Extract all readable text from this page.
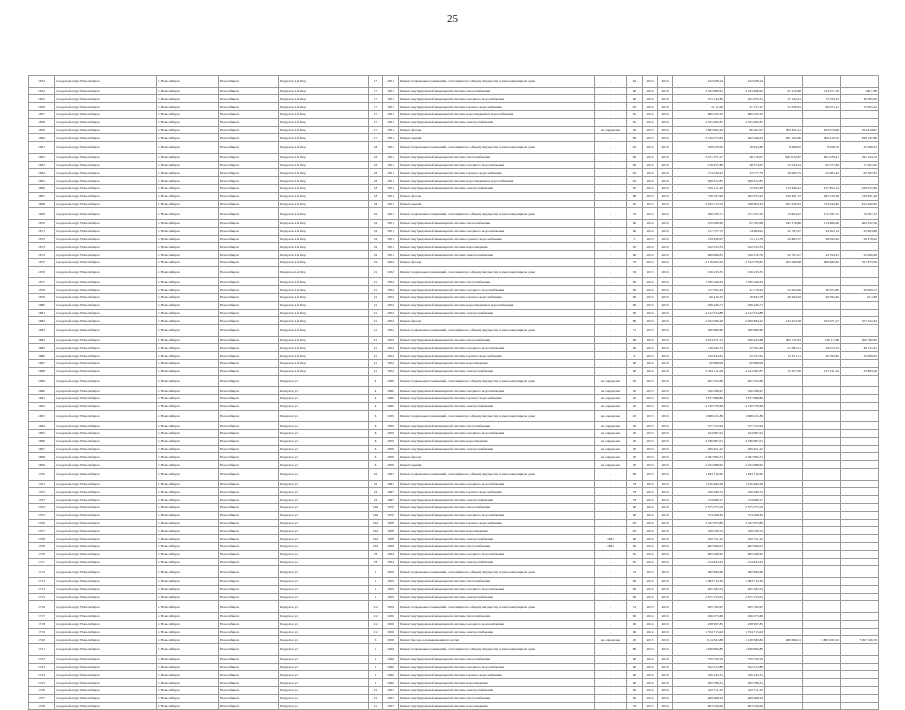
25
1653	городской округ Новосибирск	г. Новосибирск	Новосибирск	Переулок 2-й Пер	17	1951	Ремонт подвальных помещений, относящихся к общему имуществу в многоквартирном доме	-	62	2015	2016	232 958,24	232 958,24			
1654	городской округ Новосибирск	г. Новосибирск	Новосибирск	Переулок 2-й Пер	17	1951	Ремонт внутридомовой инженерной системы теплоснабжения	-	60	2014	2016	2 322 980,61	2 163 498,95	67 210,68	123 971,16	106 1,88
1655	городской округ Новосибирск	г. Новосибирск	Новосибирск	Переулок 2-й Пер	17	1951	Ремонт внутридомовой инженерной системы холодного водоснабжения	-	60	2014	2016	373 142,86	241 870,31	27 162,41	72 559,23	36 285,29
1656	городской округ Новосибирск	г. Новосибирск	Новосибирск	Переулок 2-й Пер	17	1951	Ремонт внутридомовой инженерной системы горячего водоснабжения	-	65	2014	2016	21 11,06	47 157,47	21 058,61	60 971,41	72 005,22
1657	городской округ Новосибирск	г. Новосибирск	Новосибирск	Переулок 2-й Пер	17	1951	Ремонт внутридомовой инженерной системы водоотведения и водоснабжения	-	65	2014	2016	860 256,32	860 256,32			
1658	городской округ Новосибирск	г. Новосибирск	Новосибирск	Переулок 2-й Пер	17	1951	Ремонт внутридомовой инженерной системы электроснабжения	-	65	2014	2016	2 165 665,87	2 165 665,87			
1659	городской округ Новосибирск	г. Новосибирск	Новосибирск	Переулок 2-й Пер	17	1951	Ремонт фасада	не определен	20	2015	2016	1 803 995,26	80 261,07	303 811,41	654 074,06	764 8,6061
1660	городской округ Новосибирск	г. Новосибирск	Новосибирск	Переулок 2-й Пер	17	1951	Ремонт крыши	-	80	2015	2016	2 316 073,83	492 346,03	361 192,86	369 410,55	836 197,86
1661	городской округ Новосибирск	г. Новосибирск	Новосибирск	Переулок 2-й Пер	18	1951	Ремонт подвальных помещений, относящихся к общему имуществу в многоквартирном доме	-	65	2014	2016	258 919,09	18 945,80	9 608,92	8 058,74	22 306,32
1662	городской округ Новосибирск	г. Новосибирск	Новосибирск	Переулок 2-й Пер	18	1951	Ремонт внутридомовой инженерной системы теплоснабжения	-	60	2014	2016	2 471 371,27	48 178,07	390 9,32,87	661 978,41	765 164,72
1663	городской округ Новосибирск	г. Новосибирск	Новосибирск	Переулок 2-й Пер	18	1951	Ремонт внутридомовой инженерной системы холодного водоснабжения	-	60	2014	2016	218 457,88	48 574,67	23 234,54	65 377,48	71 261,02
1664	городской округ Новосибирск	г. Новосибирск	Новосибирск	Переулок 2-й Пер	18	1951	Ремонт внутридомовой инженерной системы горячего водоснабжения	-	65	2014	2016	174 539,23	33 777,79	26 982,75	52 981,42	62 587,81
1665	городской округ Новосибирск	г. Новосибирск	Новосибирск	Переулок 2-й Пер	18	1951	Ремонт внутридомовой инженерной системы водоотведения и водоснабжения	-	65	2014	2016	658 472,85	658 472,85			
1666	городской округ Новосибирск	г. Новосибирск	Новосибирск	Переулок 2-й Пер	18	1951	Ремонт внутридомовой инженерной системы электроснабжения	-	65	2014	2016	676 111,26	72 652,28	115 849,41	237 852,14	249 972,89
1667	городской округ Новосибирск	г. Новосибирск	Новосибирск	Переулок 2-й Пер	18	1951	Ремонт фасада	-	80	2015	2016	738 167,99	562 673,43	236 491,72	482 234,28	516 831,28
1668	городской округ Новосибирск	г. Новосибирск	Новосибирск	Переулок 2-й Пер	18	1951	Ремонт крыши	-	65	2015	2016	2 632 172,55	298 903,44	261 256,81	723 644,82	812 460,82
1669	городской округ Новосибирск	г. Новосибирск	Новосибирск	Переулок 2-й Пер	19	1951	Ремонт подвальных помещений, относящихся к общему имуществу в многоквартирном доме	-	55	2015	2016	590 320,71	271 527,35	15 904,47	172 291,72	70 267,12
1670	городской округ Новосибирск	г. Новосибирск	Новосибирск	Переулок 2-й Пер	19	1951	Ремонт внутридомовой инженерной системы теплоснабжения	-	60	2014	2016	470 280,60	61 765,98	295 178,86	114 886,46	462 352,56
1671	городской округ Новосибирск	г. Новосибирск	Новосибирск	Переулок 2-й Пер	19	1951	Ремонт внутридомовой инженерной системы холодного водоснабжения	-	60	2014	2016	121 757,72	14 984,02	22 761,27	44 363,14	23 663,89
1672	городской округ Новосибирск	г. Новосибирск	Новосибирск	Переулок 2-й Пер	19	1951	Ремонт внутридомовой инженерной системы горячего водоснабжения	-	5	2015	2016	159 636,97	15 113,78	22 882,37	48 095,94	50 478,62
1673	городской округ Новосибирск	г. Новосибирск	Новосибирск	Переулок 2-й Пер	19	1951	Ремонт внутридомовой инженерной системы водоотведения	-	65	2014	2016	912 555,53	912 555,53			
1674	городской округ Новосибирск	г. Новосибирск	Новосибирск	Переулок 2-й Пер	19	1951	Ремонт внутридомовой инженерной системы электроснабжения	-	60	2014	2016	468 699,81	349 276,76	22 761,27	44 764,25	52 006,69
1675	городской округ Новосибирск	г. Новосибирск	Новосибирск	Переулок 2-й Пер	19	1952	Ремонт фасада	-	70	2015	2016	4 176 625,59	2 512 578,87	203 568,68	908 689,82	551 873,58
1676	городской округ Новосибирск	г. Новосибирск	Новосибирск	Переулок 2-й Пер	21	1952	Ремонт подвальных помещений, относящихся к общему имуществу в многоквартирном доме	-	56	2015	2016	316 233,35	316 233,35			
1677	городской округ Новосибирск	г. Новосибирск	Новосибирск	Переулок 2-й Пер	21	1952	Ремонт внутридомовой инженерной системы теплоснабжения	-	60	2014	2016	1 356 160,63	1 356 160,63			
1678	городской округ Новосибирск	г. Новосибирск	Новосибирск	Переулок 2-й Пер	21	1952	Ремонт внутридомовой инженерной системы холодного водоснабжения	-	60	2014	2016	127 565,43	41 176,45	23 452,09	30 675,85	29 906,72
1679	городской округ Новосибирск	г. Новосибирск	Новосибирск	Переулок 2-й Пер	21	1952	Ремонт внутридомовой инженерной системы горячего водоснабжения	-	60	2014	2016	90 416,32	16 843,78	46 262,63	49 595,40	24 1,89
1680	городской округ Новосибирск	г. Новосибирск	Новосибирск	Переулок 2-й Пер	21	1952	Ремонт внутридомовой инженерной системы водоотведения и водоснабжения	-	60	2014	2016	936 226,71	936 226,71			
1681	городской округ Новосибирск	г. Новосибирск	Новосибирск	Переулок 2-й Пер	21	1952	Ремонт внутридомовой инженерной системы электроснабжения	-	60	2014	2016	2 212 574,88	2 212 574,88			
1682	городской округ Новосибирск	г. Новосибирск	Новосибирск	Переулок 2-й Пер	21	1952	Ремонт фасада	-	80	2015	2016	2 352 560,28	2 050 894,22	143 453,58	253 071,27	107 352,45
1683	городской округ Новосибирск	г. Новосибирск	Новосибирск	Переулок 2-й Пер	21	1952	Ремонт подвальных помещений, относящихся к общему имуществу в многоквартирном доме	-	51	2015	2016	266 860,80	266 860,80			
1684	городской округ Новосибирск	г. Новосибирск	Новосибирск	Переулок 2-й Пер	21	1952	Ремонт внутридомовой инженерной системы теплоснабжения	-	60	2014	2016	3 474 071,13	650 245,88	383 747,03	749 1,7,88	850 782,82
1685	городской округ Новосибирск	г. Новосибирск	Новосибирск	Переулок 2-й Пер	21	1952	Ремонт внутридомовой инженерной системы холодного водоснабжения	-	60	2014	2016	136 042,73	32 762,28	21 685,21	29 072,33	48 141,91
1686	городской округ Новосибирск	г. Новосибирск	Новосибирск	Переулок 2-й Пер	21	1952	Ремонт внутридомовой инженерной системы горячего водоснабжения	-	9	2015	2016	149 844,61	22 527,62	15 471,11	20 766,82	35 996,05
1687	городской округ Новосибирск	г. Новосибирск	Новосибирск	Переулок 2-й Пер	21	1952	Ремонт внутридомовой инженерной системы водоотведения	-	60	2014	2016	92 688,99	92 688,99			
1688	городской округ Новосибирск	г. Новосибирск	Новосибирск	Переулок 2-й Пер	21	1952	Ремонт внутридомовой инженерной системы электроснабжения	-	60	2014	2016	2 352 111,99	2 124 365,87	72 457,56	131 531,24	23 883,36
1689	городской округ Новосибирск	г. Новосибирск	Новосибирск	Переулок уч	4	1960	Ремонт подвальных помещений, относящихся к общему имуществу в многоквартирном доме	не определен	20	2015	2016	461 552,86	461 552,86			
1690	городской округ Новосибирск	г. Новосибирск	Новосибирск	Переулок уч	4	1960	Ремонт внутридомовой инженерной системы холодного водоснабжения	не определен	20	2015	2016	426 398,47	426 398,47			
1691	городской округ Новосибирск	г. Новосибирск	Новосибирск	Переулок уч	4	1960	Ремонт внутридомовой инженерной системы горячего водоснабжения	не определен	20	2015	2016	1 677 868,80	1 677 868,80			
1692	городской округ Новосибирск	г. Новосибирск	Новосибирск	Переулок уч	4	1960	Ремонт внутридомовой инженерной системы электроснабжения	не определен	20	2015	2016	4 158 750,68	4 158 750,68			
1693	городской округ Новосибирск	г. Новосибирск	Новосибирск	Переулок уч	6	1959	Ремонт подвальных помещений, относящихся к общему имуществу в многоквартирном доме	не определен	20	2015	2016	1 608 221,89	1 608 221,89			
1694	городской округ Новосибирск	г. Новосибирск	Новосибирск	Переулок уч	6	1959	Ремонт внутридомовой инженерной системы теплоснабжения	не определен	20	2015	2016	377 155,94	377 155,94			
1695	городской округ Новосибирск	г. Новосибирск	Новосибирск	Переулок уч	6	1959	Ремонт внутридомовой инженерной системы холодного водоснабжения	не определен	20	2015	2016	434 997,61	434 997,61			
1696	городской округ Новосибирск	г. Новосибирск	Новосибирск	Переулок уч	6	1959	Ремонт внутридомовой инженерной системы водоотведения	не определен	20	2015	2016	4 186 867,01	4 186 867,01			
1697	городской округ Новосибирск	г. Новосибирск	Новосибирск	Переулок уч	6	1959	Ремонт внутридомовой инженерной системы электроснабжения	не определен	20	2015	2016	269 451,22	269 451,22			
1698	городской округ Новосибирск	г. Новосибирск	Новосибирск	Переулок уч	6	1959	Ремонт фасада	не определен	20	2015	2016	2 567 993,31	2 567 993,31			
1699	городской округ Новосибирск	г. Новосибирск	Новосибирск	Переулок уч	6	1959	Ремонт крыши	не определен	20	2015	2016	2 252 698,62	2 252 698,62			
1700	городской округ Новосибирск	г. Новосибирск	Новосибирск	Переулок уч	16	1967	Ремонт подвальных помещений, относящихся к общему имуществу в многоквартирном доме	-	80	2015	2016	1 043 116,65	1 043 116,65			
1701	городской округ Новосибирск	г. Новосибирск	Новосибирск	Переулок уч	16	1967	Ремонт внутридомовой инженерной системы холодного водоснабжения	-	78	2014	2016	1270 466,28	1270 466,28			
1702	городской округ Новосибирск	г. Новосибирск	Новосибирск	Переулок уч	16	1967	Ремонт внутридомовой инженерной системы горячего водоснабжения	-	78	2014	2016	420 496,72	420 496,72			
1703	городской округ Новосибирск	г. Новосибирск	Новосибирск	Переулок уч	16	1967	Ремонт внутридомовой инженерной системы электроснабжения	-	78	2014	2016	724 990,27	724 990,27			
1704	городской округ Новосибирск	г. Новосибирск	Новосибирск	Переулок уч	169	1970	Ремонт внутридомовой инженерной системы теплоснабжения	-	60	2014	2016	2 575 375,79	2 575 375,79			
1705	городской округ Новосибирск	г. Новосибирск	Новосибирск	Переулок уч	169	1970	Ремонт внутридомовой инженерной системы холодного водоснабжения	-	60	2014	2016	374 569,49	374 569,49			
1706	городской округ Новосибирск	г. Новосибирск	Новосибирск	Переулок уч	162	1958	Ремонт внутридомовой инженерной системы горячего водоснабжения	-	65	2014	2016	2 347 675,89	2 347 675,89			
1707	городской округ Новосибирск	г. Новосибирск	Новосибирск	Переулок уч	162	1958	Ремонт внутридомовой инженерной системы водоотведения	-	65	2014	2016	168 520,72	168 520,72			
1708	городской округ Новосибирск	г. Новосибирск	Новосибирск	Переулок уч	162	1958	Ремонт внутридомовой инженерной системы электроснабжения	1981	60	2014	2016	670 721,22	670 721,22			
1709	городской округ Новосибирск	г. Новосибирск	Новосибирск	Переулок уч	162	1958	Ремонт внутридомовой инженерной системы теплоснабжения	1981	60	2014	2016	602 099,01	602 099,01			
1710	городской округ Новосибирск	г. Новосибирск	Новосибирск	Переулок уч	78	1954	Ремонт внутридомовой инженерной системы холодного водоснабжения	-	65	2014	2016	665 948,62	665 948,62			
1711	городской округ Новосибирск	г. Новосибирск	Новосибирск	Переулок уч	78	1954	Ремонт внутридомовой инженерной системы электроснабжения	-	65	2014	2016	214 843,23	214 843,23			
1712	городской округ Новосибирск	г. Новосибирск	Новосибирск	Переулок уч	1	1959	Ремонт подвальных помещений, относящихся к общему имуществу в многоквартирном доме	-	52	2015	2016	582 694,98	582 694,98			
1713	городской округ Новосибирск	г. Новосибирск	Новосибирск	Переулок уч	1	1959	Ремонт внутридомовой инженерной системы теплоснабжения	-	60	2014	2016	1 084 712,36	1 084 712,36			
1714	городской округ Новосибирск	г. Новосибирск	Новосибирск	Переулок уч	1	1959	Ремонт внутридомовой инженерной системы холодного водоснабжения	-	60	2014	2016	465 182,54	465 182,54			
1715	городской округ Новосибирск	г. Новосибирск	Новосибирск	Переулок уч	1	1959	Ремонт внутридомовой инженерной системы электроснабжения	-	60	2014	2016	2 475 155,01	2 475 155,01			
1716	городской округ Новосибирск	г. Новосибирск	Новосибирск	Переулок уч	1/2	1956	Ремонт подвальных помещений, относящихся к общему имуществу в многоквартирном доме	-	53	2015	2016	495 762,67	495 762,67			
1717	городской округ Новосибирск	г. Новосибирск	Новосибирск	Переулок уч	1/2	1956	Ремонт внутридомовой инженерной системы теплоснабжения	-	60	2014	2016	920 473,68	920 473,68			
1718	городской округ Новосибирск	г. Новосибирск	Новосибирск	Переулок уч	1/2	1956	Ремонт внутридомовой инженерной системы холодного водоснабжения	-	60	2014	2016	458 997,85	458 997,85			
1719	городской округ Новосибирск	г. Новосибирск	Новосибирск	Переулок уч	1/2	1956	Ремонт внутридомовой инженерной системы электроснабжения	-	60	2014	2016	1 704 713,02	1 704 713,02			
1720	городской округ Новосибирск	г. Новосибирск	Новосибирск	Переулок уч	5	1958	Ремонт фасада в возвышающихся частях	не определен	20	2015	2016	6 14 362,88	1 128 580,82	489 696,21	1 863 495,52	7 097 166,76
1721	городской округ Новосибирск	г. Новосибирск	Новосибирск	Переулок уч	1	1946	Ремонт подвальных помещений, относящихся к общему имуществу в многоквартирном доме	-	80	2015	2016	1048 660,80	1048 660,80			
1722	городской округ Новосибирск	г. Новосибирск	Новосибирск	Переулок уч	1	1946	Ремонт внутридомовой инженерной системы теплоснабжения	-	60	2014	2016	376 550,56	376 550,56			
1723	городской округ Новосибирск	г. Новосибирск	Новосибирск	Переулок уч	1	1946	Ремонт внутридомовой инженерной системы холодного водоснабжения	-	60	2014	2016	612 272,88	612 272,88			
1724	городской округ Новосибирск	г. Новосибирск	Новосибирск	Переулок уч	1	1946	Ремонт внутридомовой инженерной системы горячего водоснабжения	-	60	2014	2016	166 445,31	166 445,31			
1725	городской округ Новосибирск	г. Новосибирск	Новосибирск	Переулок уч	1	1946	Ремонт внутридомовой инженерной системы водоотведения	-	60	2014	2016	659 786,31	659 786,31			
1726	городской округ Новосибирск	г. Новосибирск	Новосибирск	Переулок уч	21	1957	Ремонт внутридомовой инженерной системы электроснабжения	-	60	2014	2016	522 711,32	522 711,32			
1727	городской округ Новосибирск	г. Новосибирск	Новосибирск	Переулок уч	21	1957	Ремонт внутридомовой инженерной системы теплоснабжения	-	60	2014	2016	469 908,24	469 908,24			
1728	городской округ Новосибирск	г. Новосибирск	Новосибирск	Переулок уч	21	1957	Ремонт внутридомовой инженерной системы водоотведения	-	79	2015	2016	603 556,06	603 556,06			
